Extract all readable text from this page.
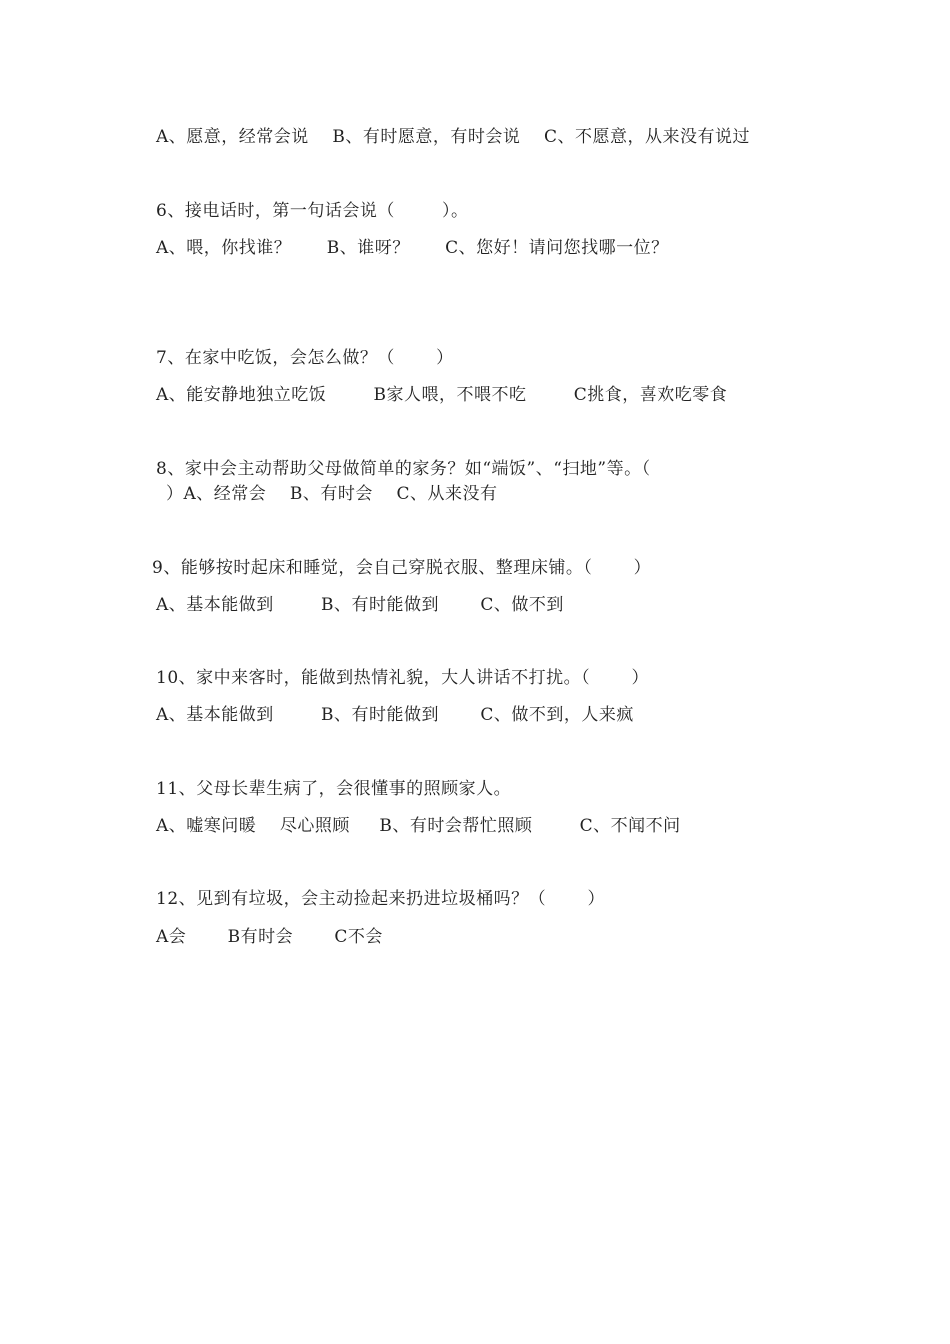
A、愿意，经常会说    B、有时愿意，有时会说    C、不愿意，从来没有说过
6、接电话时，第一句话会说（        ）。
A、喂，你找谁？      B、谁呀？      C、您好！请问您找哪一位？
7、在家中吃饭，会怎么做？（       ）
A、能安静地独立吃饭        B家人喂，不喂不吃        C挑食，喜欢吃零食
8、家中会主动帮助父母做简单的家务？如“端饭”、“扫地”等。（
）A、经常会    B、有时会    C、从来没有
9、能够按时起床和睡觉，会自己穿脱衣服、整理床铺。（       ）
A、基本能做到        B、有时能做到       C、做不到
10、家中来客时，能做到热情礼貌，大人讲话不打扰。（       ）
A、基本能做到        B、有时能做到       C、做不到，人来疯
11、父母长辈生病了，会很懂事的照顾家人。
A、嘘寒问暖    尽心照顾     B、有时会帮忙照顾        C、不闻不问
12、见到有垃圾，会主动捡起来扔进垃圾桶吗？（       ）
A会       B有时会       C不会
